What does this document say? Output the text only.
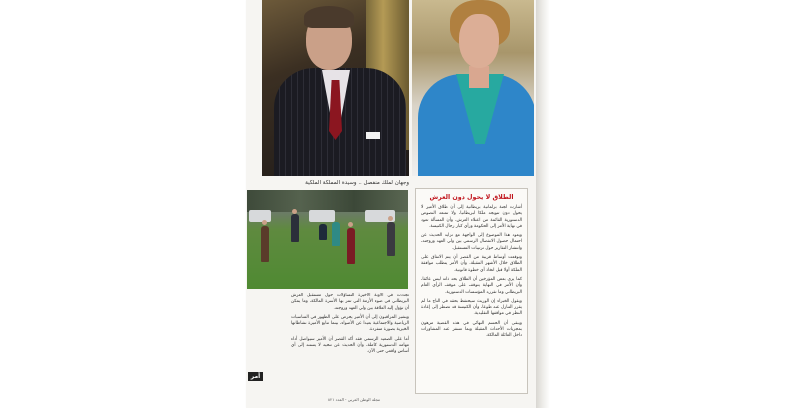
وجهان لملك منفصل .. وسيدة المملكة الملكية
الطلاق لا يحول دون العرش

أشارت لجنة برلمانية بريطانية إلى أن طلاق الأمير لا يحول دون تتويجه ملكا لبريطانيا، ولا تمنعه النصوص الدستورية القائمة من اعتلاء العرش، وأن المسألة تعود في نهاية الأمر إلى الحكومة ورأي كبار رجال الكنيسة.

ويعود هذا الموضوع إلى الواجهة مع تزايد الحديث عن احتمال حصول الانفصال الرسمي بين ولي العهد وزوجته، وانتشار التقارير حول ترتيبات المستقبل.

وتوقعت أوساط قريبة من القصر أن يتم الاتفاق على الطلاق خلال الأشهر المقبلة، وأن الأمر يتطلب موافقة الملكة أولا قبل اتخاذ أي خطوة قانونية.

كما يرى بعض المؤرخين أن الطلاق بحد ذاته ليس عائقا، وأن الأمر في النهاية يتوقف على موقف الرأي العام البريطاني وما تقرره المؤسسات الدستورية.

ويقول الخبراء إن الوريث سيحتفظ بحقه في التاج ما لم يقرر التنازل عنه طوعا، وأن الكنيسة قد تضطر إلى إعادة النظر في مواقفها التقليدية.

ويبقى أن الحسم النهائي في هذه القضية مرهون بمجريات الأحداث المقبلة وبما تسفر عنه المشاورات داخل العائلة المالكة.

تجددت في الآونة الأخيرة التساؤلات حول مستقبل العرش البريطاني في ضوء الأزمة التي تمر بها الأسرة المالكة، وما يمكن أن تؤول إليه العلاقة بين ولي العهد وزوجته.

ويشير المراقبون إلى أن الأمير يحرص على الظهور في المناسبات الرياضية والاجتماعية بعيدا عن الأضواء، بينما تتابع الأميرة نشاطاتها الخيرية بصورة منفردة.

أما على الصعيد الرسمي فقد أكد القصر أن الأمير سيواصل أداء مهامه الدستورية كاملة، وأن الحديث عن تنحيه لا يستند إلى أي أساس واقعي حتى الآن.

أمر
مجلة الوطن العربي - العدد ٨٢١
